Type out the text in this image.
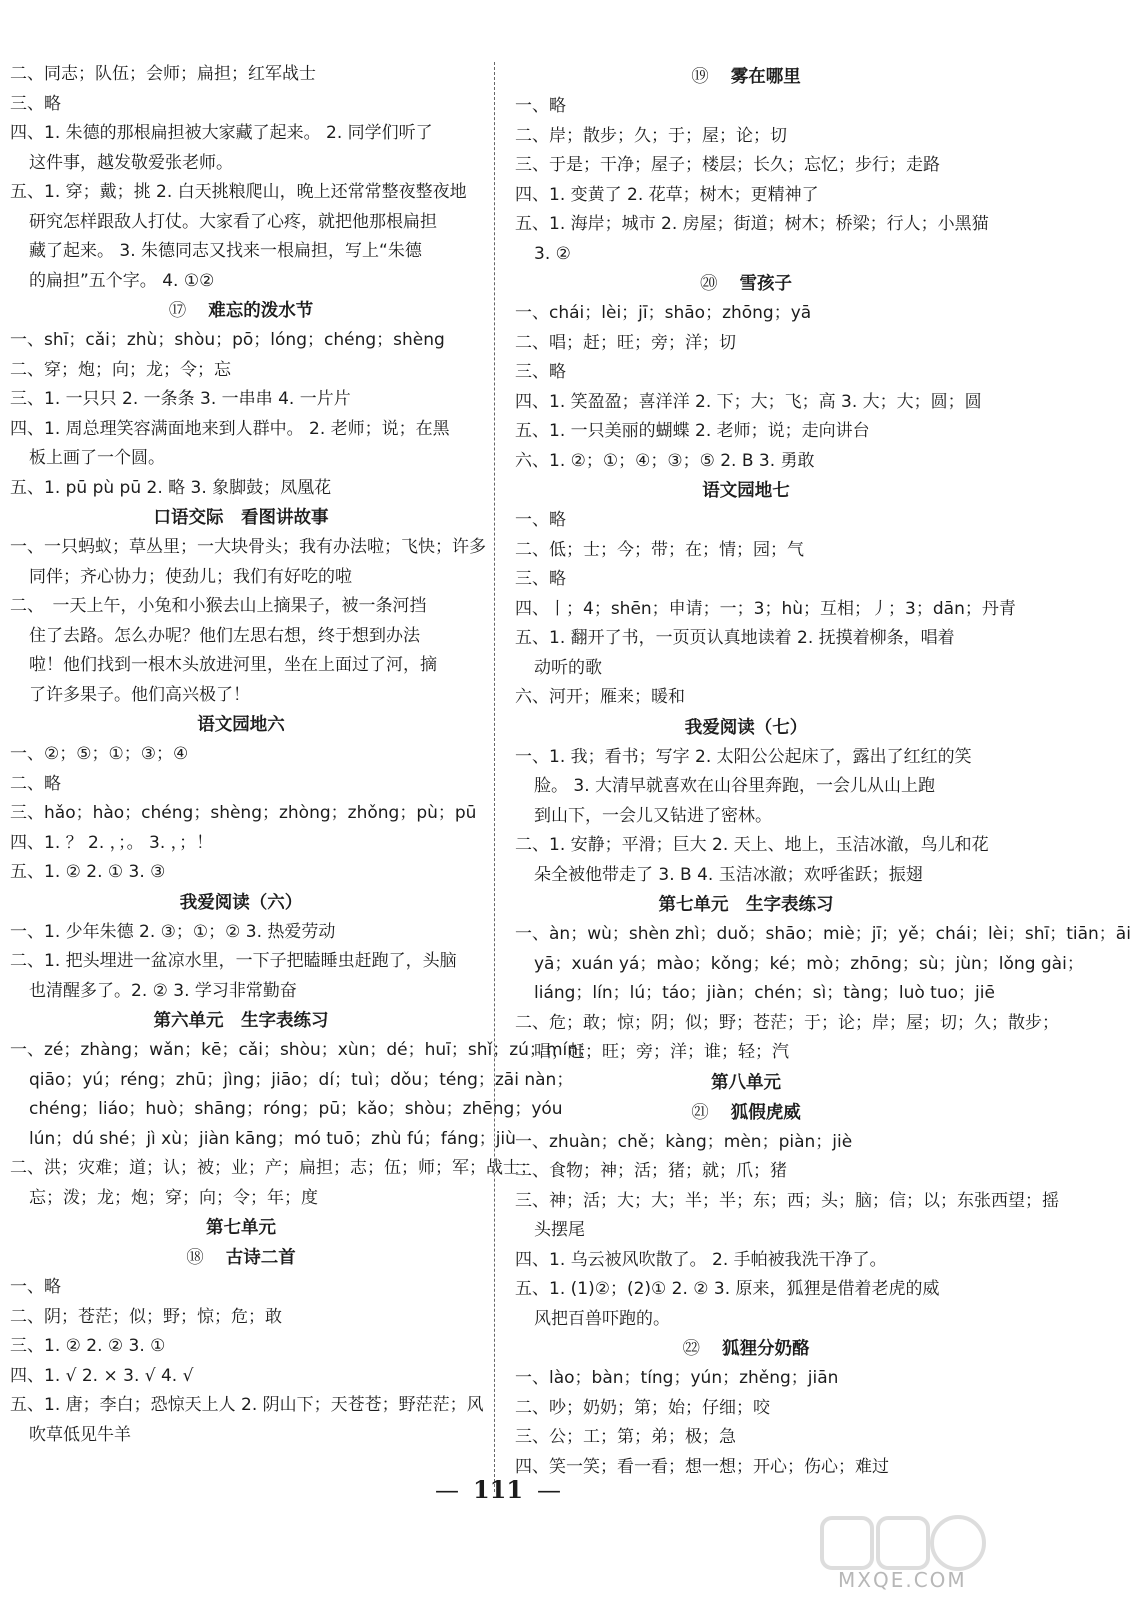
二、同志；队伍；会师；扁担；红军战士
三、略
四、1. 朱德的那根扁担被大家藏了起来。 2. 同学们听了
这件事，越发敬爱张老师。
五、1. 穿；戴；挑 2. 白天挑粮爬山，晚上还常常整夜整夜地
研究怎样跟敌人打仗。大家看了心疼，就把他那根扁担
藏了起来。 3. 朱德同志又找来一根扁担，写上“朱德
的扁担”五个字。 4. ①②
⑰ 难忘的泼水节
一、shī；cǎi；zhù；shòu；pō；lóng；chéng；shèng
二、穿；炮；向；龙；令；忘
三、1. 一只只 2. 一条条 3. 一串串 4. 一片片
四、1. 周总理笑容满面地来到人群中。 2. 老师；说；在黑
板上画了一个圆。
五、1. pū pù pū 2. 略 3. 象脚鼓；凤凰花
口语交际　看图讲故事
一、一只蚂蚁；草丛里；一大块骨头；我有办法啦；飞快；许多
同伴；齐心协力；使劲儿；我们有好吃的啦
二、　一天上午，小兔和小猴去山上摘果子，被一条河挡
住了去路。怎么办呢？他们左思右想，终于想到办法
啦！他们找到一根木头放进河里，坐在上面过了河，摘
了许多果子。他们高兴极了！
语文园地六
一、②；⑤；①；③；④
二、略
三、hǎo；hào；chéng；shèng；zhòng；zhǒng；pù；pū
四、1. ？ 2. ，；。 3. ，；！
五、1. ② 2. ① 3. ③
我爱阅读（六）
一、1. 少年朱德 2. ③；①；② 3. 热爱劳动
二、1. 把头埋进一盆凉水里，一下子把瞌睡虫赶跑了，头脑
也清醒多了。2. ② 3. 学习非常勤奋
第六单元　生字表练习
一、zé；zhàng；wǎn；kē；cǎi；shòu；xùn；dé；huī；shǐ；zú；mín；
qiāo；yú；réng；zhū；jìng；jiāo；dí；tuì；dǒu；téng；zāi nàn；
chéng；liáo；huò；shāng；róng；pū；kǎo；shòu；zhēng；yóu
lún；dú shé；jì xù；jiàn kāng；mó tuō；zhù fú；fáng；jiù
二、洪；灾难；道；认；被；业；产；扁担；志；伍；师；军；战士；
忘；泼；龙；炮；穿；向；令；年；度
第七单元
⑱ 古诗二首
一、略
二、阴；苍茫；似；野；惊；危；敢
三、1. ② 2. ② 3. ①
四、1. √ 2. × 3. √ 4. √
五、1. 唐；李白；恐惊天上人 2. 阴山下；天苍苍；野茫茫；风
吹草低见牛羊
⑲ 雾在哪里
一、略
二、岸；散步；久；于；屋；论；切
三、于是；干净；屋子；楼层；长久；忘忆；步行；走路
四、1. 变黄了 2. 花草；树木；更精神了
五、1. 海岸；城市 2. 房屋；街道；树木；桥梁；行人；小黑猫
3. ②
⑳ 雪孩子
一、chái；lèi；jī；shāo；zhōng；yā
二、唱；赶；旺；旁；洋；切
三、略
四、1. 笑盈盈；喜洋洋 2. 下；大；飞；高 3. 大；大；圆；圆
五、1. 一只美丽的蝴蝶 2. 老师；说；走向讲台
六、1. ②；①；④；③；⑤ 2. B 3. 勇敢
语文园地七
一、略
二、低；士；今；带；在；情；园；气
三、略
四、丨；4；shēn；申请；一；3；hù；互相；丿；3；dān；丹青
五、1. 翻开了书，一页页认真地读着 2. 抚摸着柳条，唱着
动听的歌
六、河开；雁来；暖和
我爱阅读（七）
一、1. 我；看书；写字 2. 太阳公公起床了，露出了红红的笑
脸。 3. 大清早就喜欢在山谷里奔跑，一会儿从山上跑
到山下，一会儿又钻进了密林。
二、1. 安静；平滑；巨大 2. 天上、地上，玉洁冰澈，鸟儿和花
朵全被他带走了 3. B 4. 玉洁冰澈；欢呼雀跃；振翅
第七单元　生字表练习
一、àn；wù；shèn zhì；duǒ；shāo；miè；jī；yě；chái；lèi；shī；tiān；āi
yā；xuán yá；mào；kǒng；ké；mò；zhōng；sù；jùn；lǒng gài；
liáng；lín；lú；táo；jiàn；chén；sì；tàng；luò tuo；jiē
二、危；敢；惊；阴；似；野；苍茫；于；论；岸；屋；切；久；散步；
唱；赶；旺；旁；洋；谁；轻；汽
第八单元
㉑ 狐假虎威
一、zhuàn；chě；kàng；mèn；piàn；jiè
二、食物；神；活；猪；就；爪；猪
三、神；活；大；大；半；半；东；西；头；脑；信；以；东张西望；摇
头摆尾
四、1. 乌云被风吹散了。 2. 手帕被我洗干净了。
五、1. (1)②；(2)① 2. ② 3. 原来，狐狸是借着老虎的威
风把百兽吓跑的。
㉒ 狐狸分奶酪
一、lào；bàn；tíng；yún；zhěng；jiān
二、吵；奶奶；第；始；仔细；咬
三、公；工；第；弟；极；急
四、笑一笑；看一看；想一想；开心；伤心；难过
— 111 —
MXQE.COM
